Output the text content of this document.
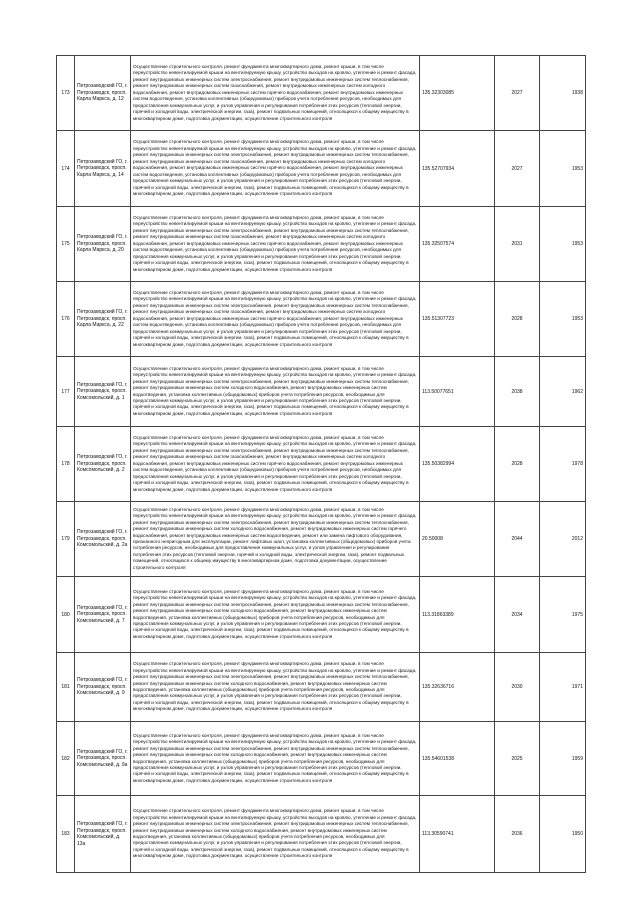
173	Петрозаводский ГО, г. Петрозаводск, просп. Карла Маркса, д. 12	Осуществление строительного контроля, ремонт фундамента многоквартирного дома, ремонт крыши, в том числе переустройство невентилируемой крыши на вентилируемую крышу, устройство выходов на кровлю, утепление и ремонт фасада, ремонт внутридомовых инженерных систем электроснабжения, ремонт внутридомовых инженерных систем теплоснабжения, ремонт внутридомовых инженерных систем газоснабжения, ремонт внутридомовых инженерных систем холодного водоснабжения, ремонт внутридомовых инженерных систем горячего водоснабжения, ремонт внутридомовых инженерных систем водоотведения, установка коллективных (общедомовых) приборов учета потребления ресурсов, необходимых для предоставления коммунальных услуг, и узлов управления и регулирования потребления этих ресурсов (тепловой энергии, горячей и холодной воды, электрической энергии, газа), ремонт подвальных помещений, относящихся к общему имуществу в многоквартирном доме, подготовка документации, осуществление строительного контроля	135.32303085	2027	1938
174	Петрозаводский ГО, г. Петрозаводск, просп. Карла Маркса, д. 14	Осуществление строительного контроля, ремонт фундамента многоквартирного дома, ремонт крыши, в том числе переустройство невентилируемой крыши на вентилируемую крышу, устройство выходов на кровлю, утепление и ремонт фасада, ремонт внутридомовых инженерных систем электроснабжения, ремонт внутридомовых инженерных систем теплоснабжения, ремонт внутридомовых инженерных систем газоснабжения, ремонт внутридомовых инженерных систем холодного водоснабжения, ремонт внутридомовых инженерных систем горячего водоснабжения, ремонт внутридомовых инженерных систем водоотведения, установка коллективных (общедомовых) приборов учета потребления ресурсов, необходимых для предоставления коммунальных услуг, и узлов управления и регулирования потребления этих ресурсов (тепловой энергии, горячей и холодной воды, электрической энергии, газа), ремонт подвальных помещений, относящихся к общему имуществу в многоквартирном доме, подготовка документации, осуществление строительного контроля	135.52707934	2027	1953
175	Петрозаводский ГО, г. Петрозаводск, просп. Карла Маркса, д. 20	Осуществление строительного контроля, ремонт фундамента многоквартирного дома, ремонт крыши, в том числе переустройство невентилируемой крыши на вентилируемую крышу, устройство выходов на кровлю, утепление и ремонт фасада, ремонт внутридомовых инженерных систем электроснабжения, ремонт внутридомовых инженерных систем теплоснабжения, ремонт внутридомовых инженерных систем газоснабжения, ремонт внутридомовых инженерных систем холодного водоснабжения, ремонт внутридомовых инженерных систем горячего водоснабжения, ремонт внутридомовых инженерных систем водоотведения, установка коллективных (общедомовых) приборов учета потребления ресурсов, необходимых для предоставления коммунальных услуг, и узлов управления и регулирования потребления этих ресурсов (тепловой энергии, горячей и холодной воды, электрической энергии, газа), ремонт подвальных помещений, относящихся к общему имуществу в многоквартирном доме, подготовка документации, осуществление строительного контроля	135.32507574	2031	1953
176	Петрозаводский ГО, г. Петрозаводск, просп. Карла Маркса, д. 22	Осуществление строительного контроля, ремонт фундамента многоквартирного дома, ремонт крыши, в том числе переустройство невентилируемой крыши на вентилируемую крышу, устройство выходов на кровлю, утепление и ремонт фасада, ремонт внутридомовых инженерных систем электроснабжения, ремонт внутридомовых инженерных систем теплоснабжения, ремонт внутридомовых инженерных систем газоснабжения, ремонт внутридомовых инженерных систем холодного водоснабжения, ремонт внутридомовых инженерных систем горячего водоснабжения, ремонт внутридомовых инженерных систем водоотведения, установка коллективных (общедомовых) приборов учета потребления ресурсов, необходимых для предоставления коммунальных услуг, и узлов управления и регулирования потребления этих ресурсов (тепловой энергии, горячей и холодной воды, электрической энергии, газа), ремонт подвальных помещений, относящихся к общему имуществу в многоквартирном доме, подготовка документации, осуществление строительного контроля	135.51307723	2028	1953
177	Петрозаводский ГО, г. Петрозаводск, просп. Комсомольский, д. 1	Осуществление строительного контроля, ремонт фундамента многоквартирного дома, ремонт крыши, в том числе переустройство невентилируемой крыши на вентилируемую крышу, устройство выходов на кровлю, утепление и ремонт фасада, ремонт внутридомовых инженерных систем электроснабжения, ремонт внутридомовых инженерных систем теплоснабжения, ремонт внутридомовых инженерных систем холодного водоснабжения, ремонт внутридомовых инженерных систем водоотведения, установка коллективных (общедомовых) приборов учета потребления ресурсов, необходимых для предоставления коммунальных услуг, и узлов управления и регулирования потребления этих ресурсов (тепловой энергии, горячей и холодной воды, электрической энергии, газа), ремонт подвальных помещений, относящихся к общему имуществу в многоквартирном доме, подготовка документации, осуществление строительного контроля	113.50077651	2038	1962
178	Петрозаводский ГО, г. Петрозаводск, просп. Комсомольский, д. 2	Осуществление строительного контроля, ремонт фундамента многоквартирного дома, ремонт крыши, в том числе переустройство невентилируемой крыши на вентилируемую крышу, устройство выходов на кровлю, утепление и ремонт фасада, ремонт внутридомовых инженерных систем электроснабжения, ремонт внутридомовых инженерных систем теплоснабжения, ремонт внутридомовых инженерных систем газоснабжения, ремонт внутридомовых инженерных систем холодного водоснабжения, ремонт внутридомовых инженерных систем горячего водоснабжения, ремонт внутридомовых инженерных систем водоотведения, установка коллективных (общедомовых) приборов учета потребления ресурсов, необходимых для предоставления коммунальных услуг, и узлов управления и регулирования потребления этих ресурсов (тепловой энергии, горячей и холодной воды, электрической энергии, газа), ремонт подвальных помещений, относящихся к общему имуществу в многоквартирном доме, подготовка документации, осуществление строительного контроля	135.50382994	2028	1978
179	Петрозаводский ГО, г. Петрозаводск, просп. Комсомольский, д. 2а	Осуществление строительного контроля, ремонт фундамента многоквартирного дома, ремонт крыши, в том числе переустройство невентилируемой крыши на вентилируемую крышу, устройство выходов на кровлю, утепление и ремонт фасада, ремонт внутридомовых инженерных систем электроснабжения, ремонт внутридомовых инженерных систем теплоснабжения, ремонт внутридомовых инженерных систем холодного водоснабжения, ремонт внутридомовых инженерных систем горячего водоснабжения, ремонт внутридомовых инженерных систем водоотведения, ремонт или замена лифтового оборудования, признанного непригодным для эксплуатации, ремонт лифтовых шахт, установка коллективных (общедомовых) приборов учета потребления ресурсов, необходимых для предоставления коммунальных услуг, и узлов управления и регулирования потребления этих ресурсов (тепловой энергии, горячей и холодной воды, электрической энергии, газа), ремонт подвальных помещений, относящихся к общему имуществу в многоквартирном доме, подготовка документации, осуществление строительного контроля	20.50008	2044	2012
180	Петрозаводский ГО, г. Петрозаводск, просп. Комсомольский, д. 7	Осуществление строительного контроля, ремонт фундамента многоквартирного дома, ремонт крыши, в том числе переустройство невентилируемой крыши на вентилируемую крышу, устройство выходов на кровлю, утепление и ремонт фасада, ремонт внутридомовых инженерных систем электроснабжения, ремонт внутридомовых инженерных систем теплоснабжения, ремонт внутридомовых инженерных систем холодного водоснабжения, ремонт внутридомовых инженерных систем водоотведения, установка коллективных (общедомовых) приборов учета потребления ресурсов, необходимых для предоставления коммунальных услуг, и узлов управления и регулирования потребления этих ресурсов (тепловой энергии, горячей и холодной воды, электрической энергии, газа), ремонт подвальных помещений, относящихся к общему имуществу в многоквартирном доме, подготовка документации, осуществление строительного контроля	113.31863389	2034	1975
181	Петрозаводский ГО, г. Петрозаводск, просп. Комсомольский, д. 9	Осуществление строительного контроля, ремонт фундамента многоквартирного дома, ремонт крыши, в том числе переустройство невентилируемой крыши на вентилируемую крышу, устройство выходов на кровлю, утепление и ремонт фасада, ремонт внутридомовых инженерных систем электроснабжения, ремонт внутридомовых инженерных систем теплоснабжения, ремонт внутридомовых инженерных систем холодного водоснабжения, ремонт внутридомовых инженерных систем водоотведения, установка коллективных (общедомовых) приборов учета потребления ресурсов, необходимых для предоставления коммунальных услуг, и узлов управления и регулирования потребления этих ресурсов (тепловой энергии, горячей и холодной воды, электрической энергии, газа), ремонт подвальных помещений, относящихся к общему имуществу в многоквартирном доме, подготовка документации, осуществление строительного контроля	135.32636716	2030	1971
182	Петрозаводский ГО, г. Петрозаводск, просп. Комсомольский, д. 9а	Осуществление строительного контроля, ремонт фундамента многоквартирного дома, ремонт крыши, в том числе переустройство невентилируемой крыши на вентилируемую крышу, устройство выходов на кровлю, утепление и ремонт фасада, ремонт внутридомовых инженерных систем электроснабжения, ремонт внутридомовых инженерных систем теплоснабжения, ремонт внутридомовых инженерных систем холодного водоснабжения, ремонт внутридомовых инженерных систем водоотведения, установка коллективных (общедомовых) приборов учета потребления ресурсов, необходимых для предоставления коммунальных услуг, и узлов управления и регулирования потребления этих ресурсов (тепловой энергии, горячей и холодной воды, электрической энергии, газа), ремонт подвальных помещений, относящихся к общему имуществу в многоквартирном доме, подготовка документации, осуществление строительного контроля	135.54601538	2025	1959
183	Петрозаводский ГО, г. Петрозаводск, просп. Комсомольский, д. 13а	Осуществление строительного контроля, ремонт фундамента многоквартирного дома, ремонт крыши, в том числе переустройство невентилируемой крыши на вентилируемую крышу, устройство выходов на кровлю, утепление и ремонт фасада, ремонт внутридомовых инженерных систем электроснабжения, ремонт внутридомовых инженерных систем теплоснабжения, ремонт внутридомовых инженерных систем холодного водоснабжения, ремонт внутридомовых инженерных систем водоотведения, установка коллективных (общедомовых) приборов учета потребления ресурсов, необходимых для предоставления коммунальных услуг, и узлов управления и регулирования потребления этих ресурсов (тепловой энергии, горячей и холодной воды, электрической энергии, газа), ремонт подвальных помещений, относящихся к общему имуществу в многоквартирном доме, подготовка документации, осуществление строительного контроля	113.30590741	2036	1950
